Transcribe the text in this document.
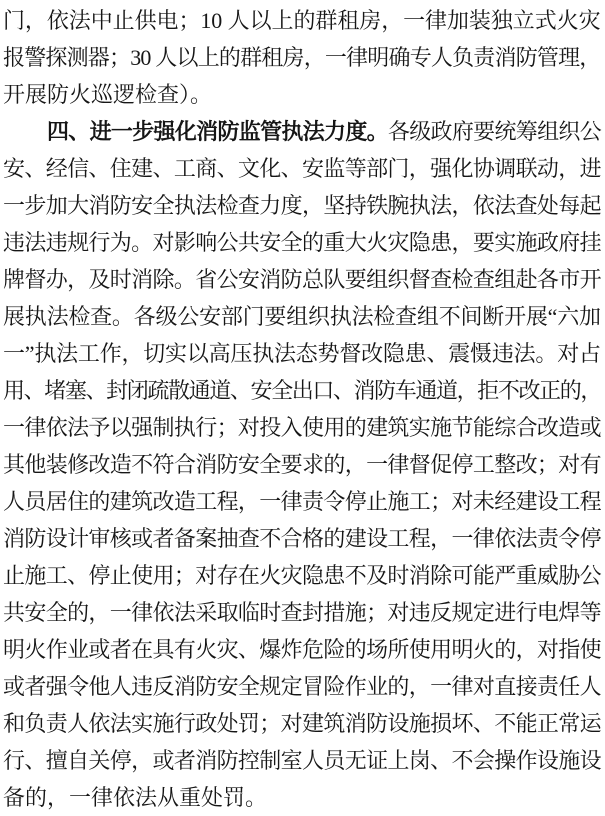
门，依法中止供电；10 人以上的群租房，一律加装独立式火灾
报警探测器；30 人以上的群租房，一律明确专人负责消防管理，
开展防火巡逻检查）。
四、进一步强化消防监管执法力度。各级政府要统筹组织公
安、经信、住建、工商、文化、安监等部门，强化协调联动，进
一步加大消防安全执法检查力度，坚持铁腕执法，依法查处每起
违法违规行为。对影响公共安全的重大火灾隐患，要实施政府挂
牌督办，及时消除。省公安消防总队要组织督查检查组赴各市开
展执法检查。各级公安部门要组织执法检查组不间断开展“六加
一”执法工作，切实以高压执法态势督改隐患、震慑违法。对占
用、堵塞、封闭疏散通道、安全出口、消防车通道，拒不改正的，
一律依法予以强制执行；对投入使用的建筑实施节能综合改造或
其他装修改造不符合消防安全要求的，一律督促停工整改；对有
人员居住的建筑改造工程，一律责令停止施工；对未经建设工程
消防设计审核或者备案抽查不合格的建设工程，一律依法责令停
止施工、停止使用；对存在火灾隐患不及时消除可能严重威胁公
共安全的，一律依法采取临时查封措施；对违反规定进行电焊等
明火作业或者在具有火灾、爆炸危险的场所使用明火的，对指使
或者强令他人违反消防安全规定冒险作业的，一律对直接责任人
和负责人依法实施行政处罚；对建筑消防设施损坏、不能正常运
行、擅自关停，或者消防控制室人员无证上岗、不会操作设施设
备的，一律依法从重处罚。
